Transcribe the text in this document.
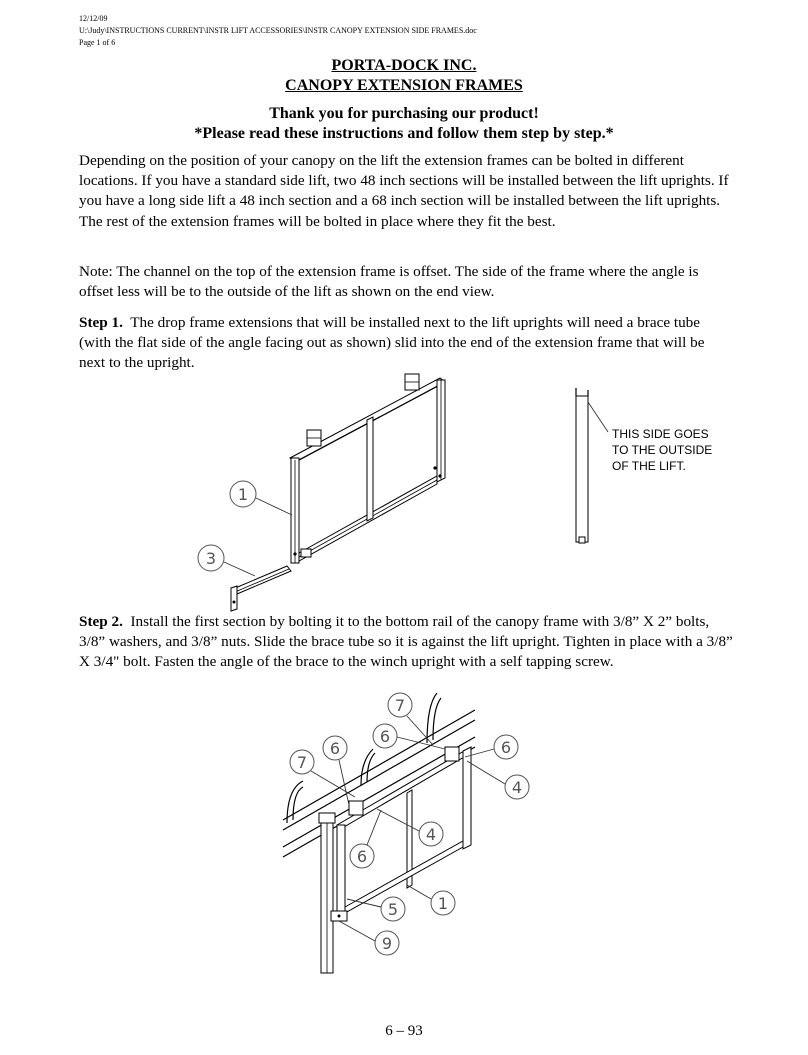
12/12/09
U:\Judy\INSTRUCTIONS CURRENT\INSTR LIFT ACCESSORIES\INSTR CANOPY EXTENSION SIDE FRAMES.doc
Page 1 of 6
PORTA-DOCK INC.
CANOPY EXTENSION FRAMES
Thank you for purchasing our product!
*Please read these instructions and follow them step by step.*
Depending on the position of your canopy on the lift the extension frames can be bolted in different locations. If you have a standard side lift, two 48 inch sections will be installed between the lift uprights. If you have a long side lift a 48 inch section and a 68 inch section will be installed between the lift uprights. The rest of the extension frames will be bolted in place where they fit the best.
Note: The channel on the top of the extension frame is offset. The side of the frame where the angle is offset less will be to the outside of the lift as shown on the end view.
Step 1. The drop frame extensions that will be installed next to the lift uprights will need a brace tube (with the flat side of the angle facing out as shown) slid into the end of the extension frame that will be next to the upright.
1
3
THIS SIDE GOES
TO THE OUTSIDE
OF THE LIFT.
Step 2. Install the first section by bolting it to the bottom rail of the canopy frame with 3/8” X 2” bolts, 3/8” washers, and 3/8” nuts. Slide the brace tube so it is against the lift upright. Tighten in place with a 3/8” X 3/4" bolt. Fasten the angle of the brace to the winch upright with a self tapping screw.
7
6
7
6
6
4
4
6
5 1
9
6 – 93
